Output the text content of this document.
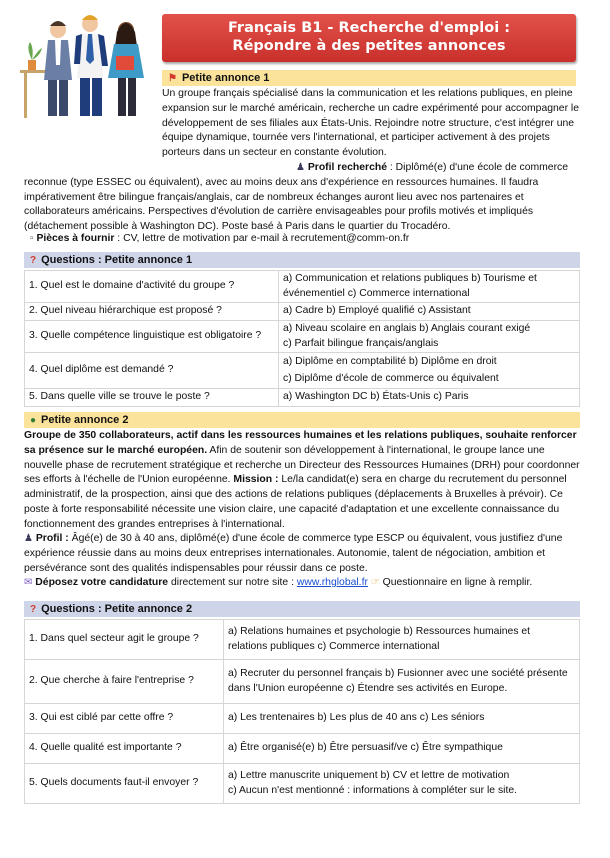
Français B1 - Recherche d'emploi :
Répondre à des petites annonces
⚑ Petite annonce 1
Un groupe français spécialisé dans la communication et les relations publiques, en pleine expansion sur le marché américain, recherche un cadre expérimenté pour accompagner le développement de ses filiales aux États-Unis. Rejoindre notre structure, c'est intégrer une équipe dynamique, tournée vers l'international, et participer activement à des projets porteurs dans un secteur en constante évolution.
♟ Profil recherché : Diplômé(e) d'une école de commerce reconnue (type ESSEC ou équivalent), avec au moins deux ans d'expérience en ressources humaines. Il faudra impérativement être bilingue français/anglais, car de nombreux échanges auront lieu avec nos partenaires et collaborateurs américains. Perspectives d'évolution de carrière envisageables pour profils motivés et impliqués (détachement possible à Washington DC). Poste basé à Paris dans le quartier du Trocadéro.
▫ Pièces à fournir : CV, lettre de motivation par e-mail à recrutement@comm-on.fr
? Questions : Petite annonce 1
1. Quel est le domaine d'activité du groupe ?	a) Communication et relations publiques b) Tourisme et
événementiel c) Commerce international

2. Quel niveau hiérarchique est proposé ?	a) Cadre b) Employé qualifié c) Assistant

3. Quelle compétence linguistique est obligatoire ?	a) Niveau scolaire en anglais b) Anglais courant exigé
c) Parfait bilingue français/anglais

4. Quel diplôme est demandé ?	a) Diplôme en comptabilité b) Diplôme en droit
c) Diplôme d'école de commerce ou équivalent

5. Dans quelle ville se trouve le poste ?	a) Washington DC b) États-Unis c) Paris
● Petite annonce 2
Groupe de 350 collaborateurs, actif dans les ressources humaines et les relations publiques, souhaite renforcer sa présence sur le marché européen. Afin de soutenir son développement à l'international, le groupe lance une nouvelle phase de recrutement stratégique et recherche un Directeur des Ressources Humaines (DRH) pour coordonner ses efforts à l'échelle de l'Union européenne. Mission : Le/la candidat(e) sera en charge du recrutement du personnel administratif, de la prospection, ainsi que des actions de relations publiques (déplacements à Bruxelles à prévoir). Ce poste à forte responsabilité nécessite une vision claire, une capacité d'adaptation et une excellente connaissance du fonctionnement des grandes entreprises à l'international.
♟ Profil : Âgé(e) de 30 à 40 ans, diplômé(e) d'une école de commerce type ESCP ou équivalent, vous justifiez d'une expérience réussie dans au moins deux entreprises internationales. Autonomie, talent de négociation, ambition et persévérance sont des qualités indispensables pour réussir dans ce poste.
✉ Déposez votre candidature directement sur notre site : www.rhglobal.fr ☞ Questionnaire en ligne à remplir.
? Questions : Petite annonce 2
1. Dans quel secteur agit le groupe ?	a) Relations humaines et psychologie b) Ressources humaines et
relations publiques c) Commerce international

2. Que cherche à faire l'entreprise ?	a) Recruter du personnel français b) Fusionner avec une société présente
dans l'Union européenne c) Étendre ses activités en Europe.

3. Qui est ciblé par cette offre ?	a) Les trentenaires b) Les plus de 40 ans c) Les séniors

4. Quelle qualité est importante ?	a) Être organisé(e) b) Être persuasif/ve c) Être sympathique

5. Quels documents faut-il envoyer ?	a) Lettre manuscrite uniquement b) CV et lettre de motivation
c) Aucun n'est mentionné : informations à compléter sur le site.
